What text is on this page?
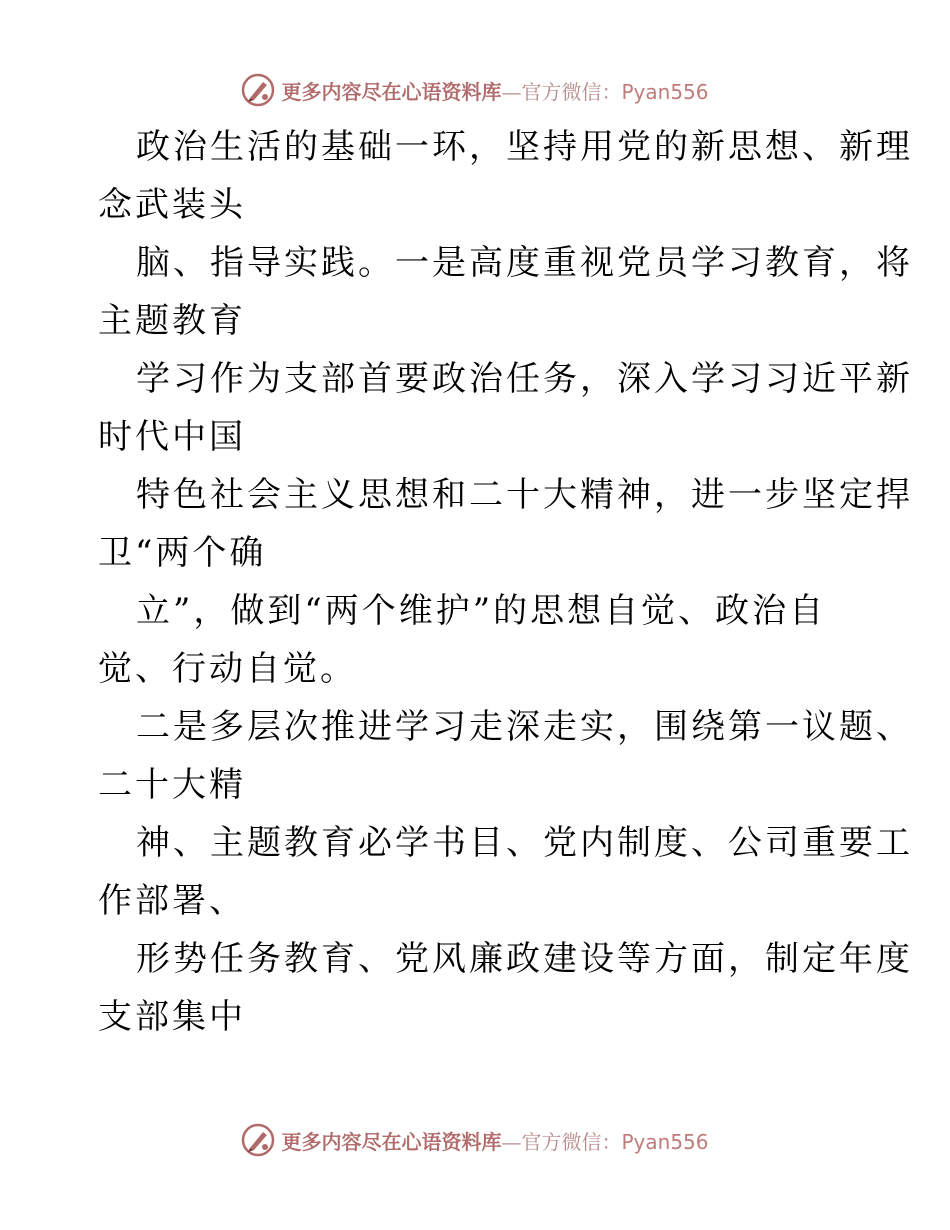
更多内容尽在心语资料库—官方微信：Pyan556
政治生活的基础一环，坚持用党的新思想、新理
念武装头
脑、指导实践。一是高度重视党员学习教育，将
主题教育
学习作为支部首要政治任务，深入学习习近平新
时代中国
特色社会主义思想和二十大精神，进一步坚定捍
卫“两个确
立”，做到“两个维护”的思想自觉、政治自
觉、行动自觉。
二是多层次推进学习走深走实，围绕第一议题、
二十大精
神、主题教育必学书目、党内制度、公司重要工
作部署、
形势任务教育、党风廉政建设等方面，制定年度
支部集中
更多内容尽在心语资料库—官方微信：Pyan556
